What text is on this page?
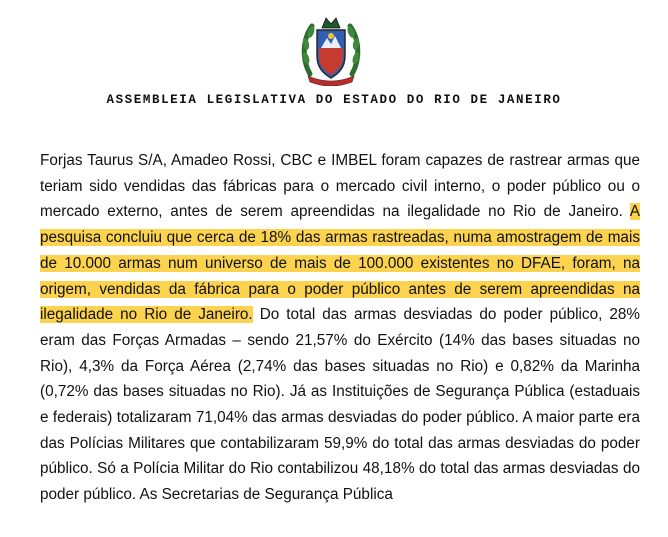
ASSEMBLEIA LEGISLATIVA DO ESTADO DO RIO DE JANEIRO

Forjas Taurus S/A, Amadeo Rossi, CBC e IMBEL foram capazes de rastrear armas que teriam sido vendidas das fábricas para o mercado civil interno, o poder público ou o mercado externo, antes de serem apreendidas na ilegalidade no Rio de Janeiro. A pesquisa concluiu que cerca de 18% das armas rastreadas, numa amostragem de mais de 10.000 armas num universo de mais de 100.000 existentes no DFAE, foram, na origem, vendidas da fábrica para o poder público antes de serem apreendidas na ilegalidade no Rio de Janeiro. Do total das armas desviadas do poder público, 28% eram das Forças Armadas – sendo 21,57% do Exército (14% das bases situadas no Rio), 4,3% da Força Aérea (2,74% das bases situadas no Rio) e 0,82% da Marinha (0,72% das bases situadas no Rio). Já as Instituições de Segurança Pública (estaduais e federais) totalizaram 71,04% das armas desviadas do poder público. A maior parte era das Polícias Militares que contabilizaram 59,9% do total das armas desviadas do poder público. Só a Polícia Militar do Rio contabilizou 48,18% do total das armas desviadas do poder público. As Secretarias de Segurança Pública
